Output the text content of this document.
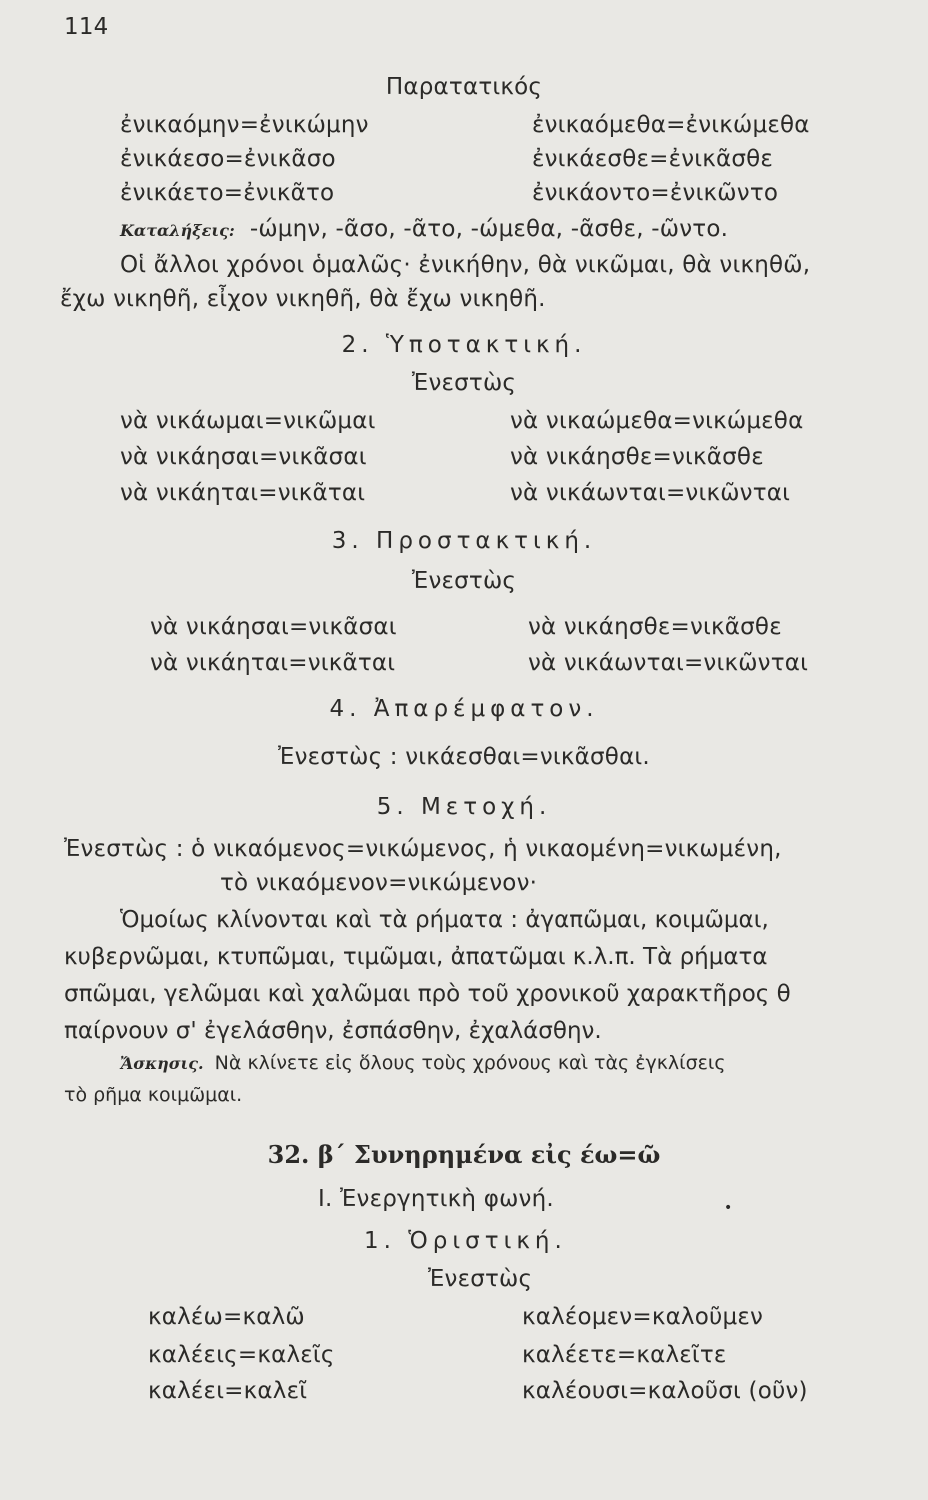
114
Παρατατικός
ἐνικαόμην=ἐνικώμην
ἐνικάεσο=ἐνικᾶσο
ἐνικάετο=ἐνικᾶτο
ἐνικαόμεθα=ἐνικώμεθα
ἐνικάεσθε=ἐνικᾶσθε
ἐνικάοντο=ἐνικῶντο
Καταλήξεις: -ώμην, -ᾶσο, -ᾶτο, -ώμεθα, -ᾶσθε, -ῶντο.
Οἱ ἄλλοι χρόνοι ὁμαλῶς· ἐνικήθην, θὰ νικῶμαι, θὰ νικηθῶ,
ἔχω νικηθῆ, εἶχον νικηθῆ, θὰ ἔχω νικηθῆ.
2. Ὑποτακτική.
Ἐνεστὼς
νὰ νικάωμαι=νικῶμαι
νὰ νικάησαι=νικᾶσαι
νὰ νικάηται=νικᾶται
νὰ νικαώμεθα=νικώμεθα
νὰ νικάησθε=νικᾶσθε
νὰ νικάωνται=νικῶνται
3. Προστακτική.
Ἐνεστὼς
νὰ νικάησαι=νικᾶσαι
νὰ νικάηται=νικᾶται
νὰ νικάησθε=νικᾶσθε
νὰ νικάωνται=νικῶνται
4. Ἀπαρέμφατον.
Ἐνεστὼς : νικάεσθαι=νικᾶσθαι.
5. Μετοχή.
Ἐνεστὼς : ὁ νικαόμενος=νικώμενος, ἡ νικαομένη=νικωμένη,
τὸ νικαόμενον=νικώμενον·
Ὁμοίως κλίνονται καὶ τὰ ρήματα : ἀγαπῶμαι, κοιμῶμαι,
κυβερνῶμαι, κτυπῶμαι, τιμῶμαι, ἀπατῶμαι κ.λ.π. Τὰ ρήματα
σπῶμαι, γελῶμαι καὶ χαλῶμαι πρὸ τοῦ χρονικοῦ χαρακτῆρος θ
παίρνουν σ' ἐγελάσθην, ἐσπάσθην, ἐχαλάσθην.
Ἄσκησις. Νὰ κλίνετε εἰς ὅλους τοὺς χρόνους καὶ τὰς ἐγκλίσεις
τὸ ρῆμα κοιμῶμαι.
32. β´ Συνηρημένα εἰς έω=ῶ
I. Ἐνεργητικὴ φωνή.	•
1. Ὁριστική.
Ἐνεστὼς
καλέω=καλῶ
καλέεις=καλεῖς
καλέει=καλεῖ
καλέομεν=καλοῦμεν
καλέετε=καλεῖτε
καλέουσι=καλοῦσι (οῦν)
